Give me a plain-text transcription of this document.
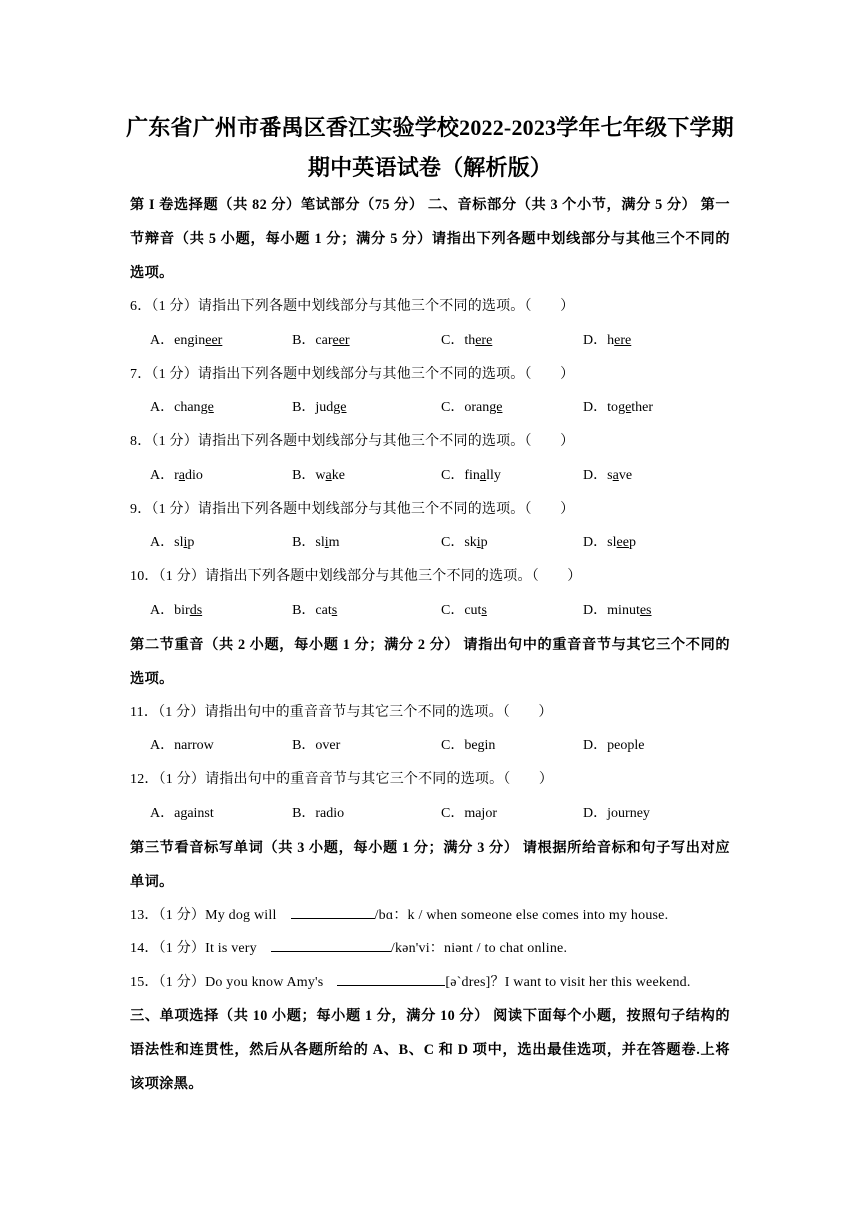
广东省广州市番禺区香江实验学校2022-2023学年七年级下学期
期中英语试卷（解析版）

第 I 卷选择题（共 82 分）笔试部分（75 分） 二、音标部分（共 3 个小节，满分 5 分） 第一节辩音（共 5 小题，每小题 1 分；满分 5 分）请指出下列各题中划线部分与其他三个不同的选项。

6．（1 分）请指出下列各题中划线部分与其他三个不同的选项。（　　）

A．engineer	B．career	C．there	D．here

7．（1 分）请指出下列各题中划线部分与其他三个不同的选项。（　　）

A．change	B．judge	C．orange	D．together

8．（1 分）请指出下列各题中划线部分与其他三个不同的选项。（　　）

A．radio	B．wake	C．finally	D．save

9．（1 分）请指出下列各题中划线部分与其他三个不同的选项。（　　）

A．slip	B．slim	C．skip	D．sleep

10．（1 分）请指出下列各题中划线部分与其他三个不同的选项。（　　）

A．birds	B．cats	C．cuts	D．minutes

第二节重音（共 2 小题，每小题 1 分；满分 2 分） 请指出句中的重音音节与其它三个不同的选项。

11．（1 分）请指出句中的重音音节与其它三个不同的选项。（　　）

A．narrow	B．over	C．begin	D．people

12．（1 分）请指出句中的重音音节与其它三个不同的选项。（　　）

A．against	B．radio	C．major	D．journey

第三节看音标写单词（共 3 小题，每小题 1 分；满分 3 分） 请根据所给音标和句子写出对应单词。

13．（1 分）My dog will	/bɑ：k / when someone else comes into my house.

14．（1 分）It is very	/kən'vi：niənt / to chat online.

15．（1 分）Do you know Amy's	[ə`dres]？I want to visit her this weekend.

三、单项选择（共 10 小题；每小题 1 分，满分 10 分） 阅读下面每个小题，按照句子结构的语法性和连贯性，然后从各题所给的 A、B、C 和 D 项中，选出最佳选项，并在答题卷.上将该项涂黑。
